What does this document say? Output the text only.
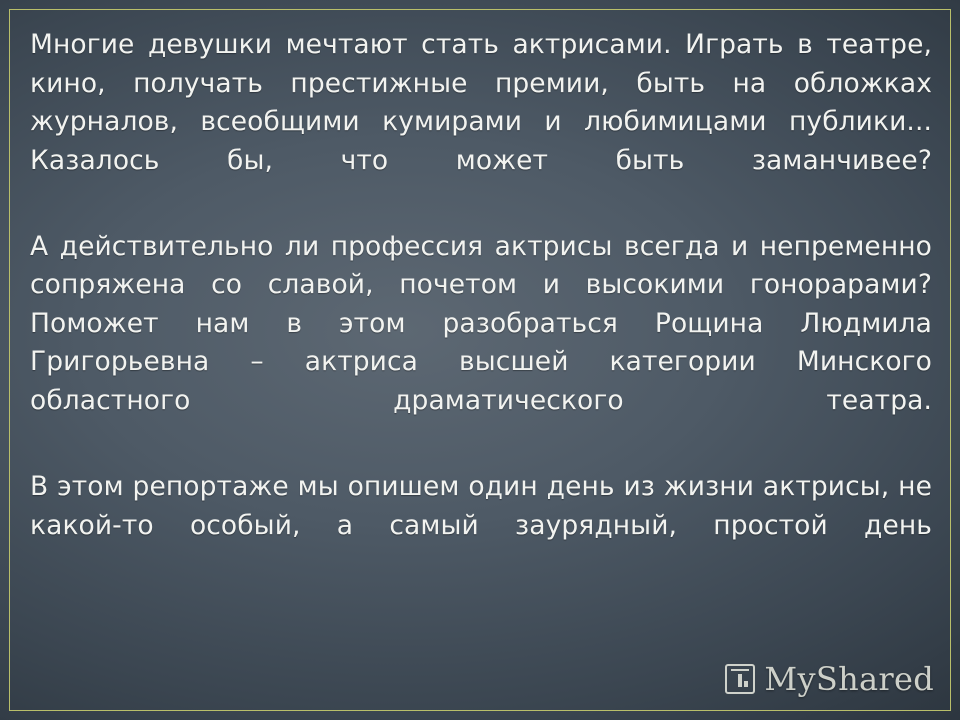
Многие девушки мечтают стать актрисами. Играть в театре, кино, получать престижные премии, быть на обложках журналов, всеобщими кумирами и любимицами публики... Казалось бы, что может быть заманчивее?

А действительно ли профессия актрисы всегда и непременно сопряжена со славой, почетом и высокими гонорарами? Поможет нам в этом разобраться Рощина Людмила Григорьевна – актриса высшей категории Минского областного драматического театра.

В этом репортаже мы опишем один день из жизни актрисы, не какой-то особый, а самый заурядный, простой день

MyShared
